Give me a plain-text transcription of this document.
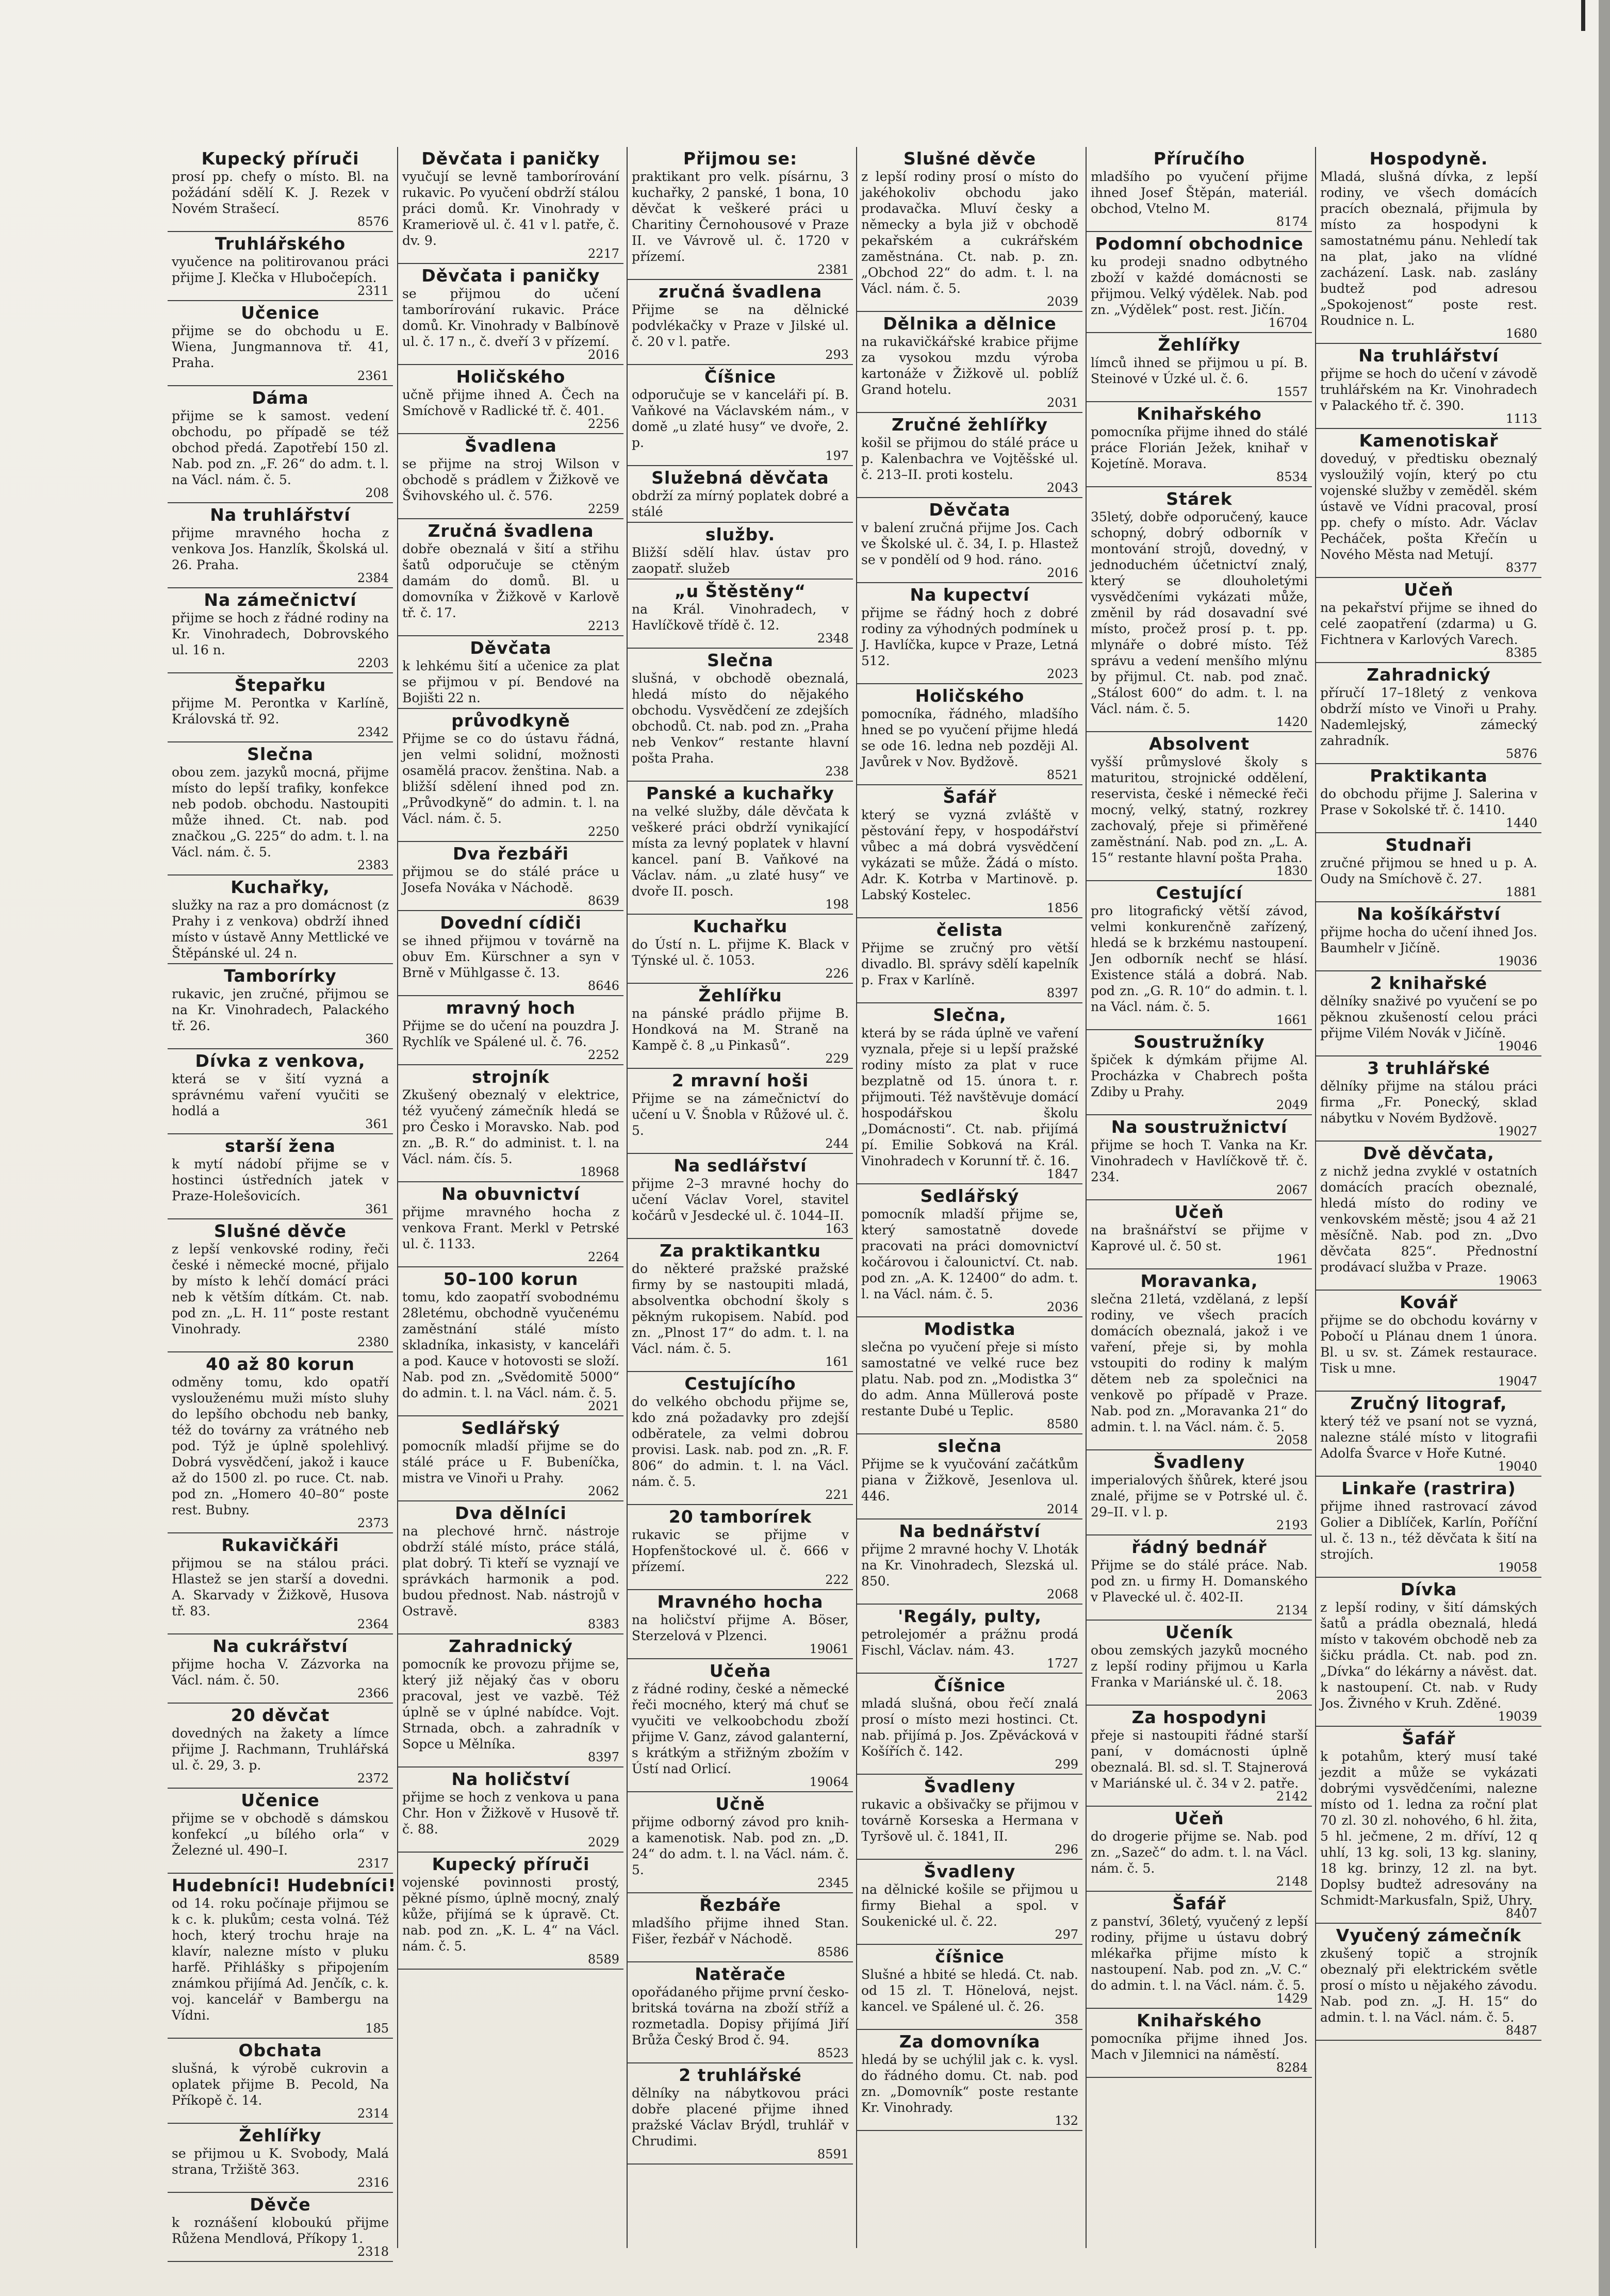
Kupecký příruči
prosí pp. chefy o místo. Bl. na požádání sdělí K. J. Rezek v Novém Strašecí.
8576
Truhlářského
vyučence na politirovanou práci přijme J. Klečka v Hlubočepích.
2311
Učenice
přijme se do obchodu u E. Wiena, Jungmannova tř. 41, Praha.
2361
Dáma
přijme se k samost. vedení obchodu, po případě se též obchod předá. Zapotřebí 150 zl. Nab. pod zn. „F. 26“ do adm. t. l. na Václ. nám. č. 5.
208
Na truhlářství
přijme mravného hocha z venkova Jos. Hanzlík, Školská ul. 26. Praha.
2384
Na zámečnictví
přijme se hoch z řádné rodiny na Kr. Vinohradech, Dobrovského ul. 16 n.
2203
Štepařku
přijme M. Perontka v Karlíně, Královská tř. 92.
2342
Slečna
obou zem. jazyků mocná, přijme místo do lepší trafiky, konfekce neb podob. obchodu. Nastoupiti může ihned. Ct. nab. pod značkou „G. 225“ do adm. t. l. na Václ. nám. č. 5.
2383
Kuchařky,
služky na raz a pro domácnost (z Prahy i z venkova) obdrží ihned místo v ústavě Anny Mettlické ve Štěpánské ul. 24 n.
Tamborírky
rukavic, jen zručné, přijmou se na Kr. Vinohradech, Palackého tř. 26.
360
Dívka z venkova,
která se v šití vyzná a správnému vaření vyučiti se hodlá a
361
starší žena
k mytí nádobí přijme se v hostinci ústředních jatek v Praze-Holešovicích.
361
Slušné děvče
z lepší venkovské rodiny, řeči české i německé mocné, přijalo by místo k lehčí domácí práci neb k větším dítkám. Ct. nab. pod zn. „L. H. 11“ poste restant Vinohrady.
2380
40 až 80 korun
odměny tomu, kdo opatří vyslouženému muži místo sluhy do lepšího obchodu neb banky, též do továrny za vrátného neb pod. Týž je úplně spolehlivý. Dobrá vysvědčení, jakož i kauce až do 1500 zl. po ruce. Ct. nab. pod zn. „Homero 40–80“ poste rest. Bubny.
2373
Rukavičkáři
přijmou se na stálou práci. Hlastež se jen starší a dovedni. A. Skarvady v Žižkově, Husova tř. 83.
2364
Na cukrářství
přijme hocha V. Zázvorka na Václ. nám. č. 50.
2366
20 děvčat
dovedných na žakety a límce přijme J. Rachmann, Truhlářská ul. č. 29, 3. p.
2372
Učenice
přijme se v obchodě s dámskou konfekcí „u bílého orla“ v Železné ul. 490–I.
2317
Hudebníci! Hudebníci!
od 14. roku počínaje přijmou se k c. k. plukům; cesta volná. Též hoch, který trochu hraje na klavír, nalezne místo v pluku harfě. Přihlášky s připojením známkou přijímá Ad. Jenčík, c. k. voj. kancelář v Bambergu na Vídni.
185
Obchata
slušná, k výrobě cukrovin a oplatek přijme B. Pecold, Na Příkopě č. 14.
2314
Žehlířky
se přijmou u K. Svobody, Malá strana, Tržiště 363.
2316
Děvče
k roznášení kloboukú přijme Růžena Mendlová, Příkopy 1.
2318
Děvčata i paničky
vyučují se levně tamborírování rukavic. Po vyučení obdrží stálou práci domů. Kr. Vinohrady v Krameriově ul. č. 41 v l. patře, č. dv. 9.
2217
Děvčata i paničky
se přijmou do učení tamborírování rukavic. Práce domů. Kr. Vinohrady v Balbínově ul. č. 17 n., č. dveří 3 v přízemí.
2016
Holičského
učně přijme ihned A. Čech na Smíchově v Radlické tř. č. 401.
2256
Švadlena
se přijme na stroj Wilson v obchodě s prádlem v Žižkově ve Švihovského ul. č. 576.
2259
Zručná švadlena
dobře obeznalá v šití a střihu šatů odporučuje se ctěným damám do domů. Bl. u domovníka v Žižkově v Karlově tř. č. 17.
2213
Děvčata
k lehkému šití a učenice za plat se přijmou v pí. Bendové na Bojišti 22 n.
průvodkyně
Přijme se co do ústavu řádná, jen velmi solidní, možnosti osamělá pracov. ženština. Nab. a bližší sdělení ihned pod zn. „Průvodkyně“ do admin. t. l. na Václ. nám. č. 5.
2250
Dva řezbáři
přijmou se do stálé práce u Josefa Nováka v Náchodě.
8639
Dovední cídiči
se ihned přijmou v továrně na obuv Em. Kürschner a syn v Brně v Mühlgasse č. 13.
8646
mravný hoch
Přijme se do učení na pouzdra J. Rychlík ve Spálené ul. č. 76.
2252
strojník
Zkušený obeznalý v elektrice, též vyučený zámečník hledá se pro Česko i Moravsko. Nab. pod zn. „B. R.“ do administ. t. l. na Václ. nám. čís. 5.
18968
Na obuvnictví
přijme mravného hocha z venkova Frant. Merkl v Petrské ul. č. 1133.
2264
50–100 korun
tomu, kdo zaopatří svobodnému 28letému, obchodně vyučenému zaměstnání stálé místo skladníka, inkasisty, v kanceláři a pod. Kauce v hotovosti se složí. Nab. pod zn. „Svědomitě 5000“ do admin. t. l. na Václ. nám. č. 5.
2021
Sedlářský
pomocník mladší přijme se do stálé práce u F. Bubeníčka, mistra ve Vinoři u Prahy.
2062
Dva dělníci
na plechové hrnč. nástroje obdrží stálé místo, práce stálá, plat dobrý. Ti kteří se vyznají ve správkách harmonik a pod. budou přednost. Nab. nástrojů v Ostravě.
8383
Zahradnický
pomocník ke provozu přijme se, který již nějaký čas v oboru pracoval, jest ve vazbě. Též úplně se v úplné nabídce. Vojt. Strnada, obch. a zahradník v Sopce u Mělníka.
8397
Na holičství
přijme se hoch z venkova u pana Chr. Hon v Žižkově v Husově tř. č. 88.
2029
Kupecký příruči
vojenské povinnosti prostý, pěkné písmo, úplně mocný, znalý kůže, přijímá se k úpravě. Ct. nab. pod zn. „K. L. 4“ na Václ. nám. č. 5.
8589
Přijmou se:
praktikant pro velk. písárnu, 3 kuchařky, 2 panské, 1 bona, 10 děvčat k veškeré práci u Charitiny Černohousové v Praze II. ve Vávrově ul. č. 1720 v přízemí.
2381
zručná švadlena
Přijme se na dělnické podvlékačky v Praze v Jilské ul. č. 20 v l. patře.
293
Číšnice
odporučuje se v kanceláři pí. B. Vaňkové na Václavském nám., v domě „u zlaté husy“ ve dvoře, 2. p.
197
Služebná děvčata
obdrží za mírný poplatek dobré a stálé
služby.
Bližší sdělí hlav. ústav pro zaopatř. služeb
„u Štěstěny“
na Král. Vinohradech, v Havlíčkově třídě č. 12.
2348
Slečna
slušná, v obchodě obeznalá, hledá místo do nějakého obchodu. Vysvědčení ze zdejších obchodů. Ct. nab. pod zn. „Praha neb Venkov“ restante hlavní pošta Praha.
238
Panské a kuchařky
na velké služby, dále děvčata k veškeré práci obdrží vynikající místa za levný poplatek v hlavní kancel. paní B. Vaňkové na Václav. nám. „u zlaté husy“ ve dvoře II. posch.
198
Kuchařku
do Ústí n. L. přijme K. Black v Týnské ul. č. 1053.
226
Žehlířku
na pánské prádlo přijme B. Hondková na M. Straně na Kampě č. 8 „u Pinkasů“.
229
2 mravní hoši
Přijme se na zámečnictví do učení u V. Šnobla v Růžové ul. č. 5.
244
Na sedlářství
přijme 2–3 mravné hochy do učení Václav Vorel, stavitel kočárů v Jesdecké ul. č. 1044–II.
163
Za praktikantku
do některé pražské pražské firmy by se nastoupiti mladá, absolventka obchodní školy s pěkným rukopisem. Nabíd. pod zn. „Plnost 17“ do adm. t. l. na Václ. nám. č. 5.
161
Cestujícího
do velkého obchodu přijme se, kdo zná požadavky pro zdejší odběratele, za velmi dobrou provisi. Lask. nab. pod zn. „R. F. 806“ do admin. t. l. na Václ. nám. č. 5.
221
20 tamborírek
rukavic se přijme v Hopfenštockové ul. č. 666 v přízemí.
222
Mravného hocha
na holičství přijme A. Böser, Sterzelová v Plzenci.
19061
Učeňa
z řádné rodiny, české a německé řeči mocného, který má chuť se vyučiti ve velkoobchodu zboží přijme V. Ganz, závod galanterní, s krátkým a střižným zbožím v Ústí nad Orlicí.
19064
Učně
přijme odborný závod pro knih- a kamenotisk. Nab. pod zn. „D. 24“ do adm. t. l. na Václ. nám. č. 5.
2345
Řezbáře
mladšího přijme ihned Stan. Fišer, řezbář v Náchodě.
8586
Natěrače
opořádaného přijme první česko-britská továrna na zboží stříž a rozmetadla. Dopisy přijímá Jiří Brůža Český Brod č. 94.
8523
2 truhlářské
dělníky na nábytkovou práci dobře placené přijme ihned pražské Václav Brýdl, truhlář v Chrudimi.
8591
Slušné děvče
z lepší rodiny prosí o místo do jakéhokoliv obchodu jako prodavačka. Mluví česky a německy a byla již v obchodě pekařském a cukrářském zaměstnána. Ct. nab. p. zn. „Obchod 22“ do adm. t. l. na Václ. nám. č. 5.
2039
Dělnika a dělnice
na rukavičkářské krabice přijme za vysokou mzdu výroba kartonáže v Žižkově ul. poblíž Grand hotelu.
2031
Zručné žehlířky
košil se přijmou do stálé práce u p. Kalenbachra ve Vojtěšské ul. č. 213–II. proti kostelu.
2043
Děvčata
v balení zručná přijme Jos. Cach ve Školské ul. č. 34, I. p. Hlastež se v pondělí od 9 hod. ráno.
2016
Na kupectví
přijme se řádný hoch z dobré rodiny za výhodných podmínek u J. Havlíčka, kupce v Praze, Letná 512.
2023
Holičského
pomocníka, řádného, mladšího hned se po vyučení přijme hledá se ode 16. ledna neb později Al. Javůrek v Nov. Bydžově.
8521
Šafář
který se vyzná zvláště v pěstování řepy, v hospodářství vůbec a má dobrá vysvědčení vykázati se může. Žádá o místo. Adr. K. Kotrba v Martinově. p. Labský Kostelec.
1856
čelista
Přijme se zručný pro větší divadlo. Bl. správy sdělí kapelník p. Frax v Karlíně.
8397
Slečna,
která by se ráda úplně ve vaření vyznala, přeje si u lepší pražské rodiny místo za plat v ruce bezplatně od 15. února t. r. přijmouti. Též navštěvuje domácí hospodářskou školu „Domácnosti“. Ct. nab. přijímá pí. Emilie Sobková na Král. Vinohradech v Korunní tř. č. 16.
1847
Sedlářský
pomocník mladší přijme se, který samostatně dovede pracovati na práci domovnictví kočárovou i čalounictví. Ct. nab. pod zn. „A. K. 12400“ do adm. t. l. na Václ. nám. č. 5.
2036
Modistka
slečna po vyučení přeje si místo samostatné ve velké ruce bez platu. Nab. pod zn. „Modistka 3“ do adm. Anna Müllerová poste restante Dubé u Teplic.
8580
slečna
Přijme se k vyučování začátkům piana v Žižkově, Jesenlova ul. 446.
2014
Na bednářství
přijme 2 mravné hochy V. Lhoták na Kr. Vinohradech, Slezská ul. 850.
2068
'Regály, pulty,
petrolejomér a prážnu prodá Fischl, Václav. nám. 43.
1727
Číšnice
mladá slušná, obou řečí znalá prosí o místo mezi hostinci. Ct. nab. přijímá p. Jos. Zpěvácková v Košířích č. 142.
299
Švadleny
rukavic a obšivačky se přijmou v továrně Korseska a Hermana v Tyršově ul. č. 1841, II.
296
Švadleny
na dělnické košile se přijmou u firmy Biehal a spol. v Soukenické ul. č. 22.
297
číšnice
Slušné a hbité se hledá. Ct. nab. od 15 zl. T. Hönelová, nejst. kancel. ve Spálené ul. č. 26.
358
Za domovníka
hledá by se uchýlil jak c. k. vysl. do řádného domu. Ct. nab. pod zn. „Domovník“ poste restante Kr. Vinohrady.
132
Příručího
mladšího po vyučení přijme ihned Josef Štěpán, materiál. obchod, Vtelno M.
8174
Podomní obchodnice
ku prodeji snadno odbytného zboží v každé domácnosti se přijmou. Velký výdělek. Nab. pod zn. „Výdělek“ post. rest. Jičín.
16704
Žehlířky
límců ihned se přijmou u pí. B. Steinové v Úzké ul. č. 6.
1557
Knihařského
pomocníka přijme ihned do stálé práce Florián Ježek, knihař v Kojetíně. Morava.
8534
Stárek
35letý, dobře odporučený, kauce schopný, dobrý odborník v montování strojů, dovedný, v jednoduchém účetnictví znalý, který se dlouholetými vysvědčeními vykázati může, změnil by rád dosavadní své místo, pročež prosí p. t. pp. mlynáře o dobré místo. Též správu a vedení menšího mlýnu by přijmul. Ct. nab. pod znač. „Stálost 600“ do adm. t. l. na Václ. nám. č. 5.
1420
Absolvent
vyšší průmyslové školy s maturitou, strojnické oddělení, reservista, české i německé řeči mocný, velký, statný, rozkrey zachovalý, přeje si přiměřené zaměstnání. Nab. pod zn. „L. A. 15“ restante hlavní pošta Praha.
1830
Cestující
pro litografický větší závod, velmi konkurenčně zařízený, hledá se k brzkému nastoupení. Jen odborník nechť se hlásí. Existence stálá a dobrá. Nab. pod zn. „G. R. 10“ do admin. t. l. na Václ. nám. č. 5.
1661
Soustružníky
špiček k dýmkám přijme Al. Procházka v Chabrech pošta Zdiby u Prahy.
2049
Na soustružnictví
přijme se hoch T. Vanka na Kr. Vinohradech v Havlíčkově tř. č. 234.
2067
Učeň
na brašnářství se přijme v Kaprové ul. č. 50 st.
1961
Moravanka,
slečna 21letá, vzdělaná, z lepší rodiny, ve všech pracích domácích obeznalá, jakož i ve vaření, přeje si, by mohla vstoupiti do rodiny k malým dětem neb za společnici na venkově po případě v Praze. Nab. pod zn. „Moravanka 21“ do admin. t. l. na Václ. nám. č. 5.
2058
Švadleny
imperialových šňůrek, které jsou znalé, přijme se v Potrské ul. č. 29–II. v l. p.
2193
řádný bednář
Přijme se do stálé práce. Nab. pod zn. u firmy H. Domanského v Plavecké ul. č. 402-II.
2134
Učeník
obou zemských jazyků mocného z lepší rodiny přijmou u Karla Franka v Mariánské ul. č. 18.
2063
Za hospodyni
přeje si nastoupiti řádné starší paní, v domácnosti úplně obeznalá. Bl. sd. sl. T. Stajnerová v Mariánské ul. č. 34 v 2. patře.
2142
Učeň
do drogerie přijme se. Nab. pod zn. „Sazeč“ do adm. t. l. na Václ. nám. č. 5.
2148
Šafář
z panství, 36letý, vyučený z lepší rodiny, přijme u ústavu dobrý mlékařka přijme místo k nastoupení. Nab. pod zn. „V. C.“ do admin. t. l. na Václ. nám. č. 5.
1429
Knihařského
pomocníka přijme ihned Jos. Mach v Jilemnici na náměstí.
8284
Hospodyně.
Mladá, slušná dívka, z lepší rodiny, ve všech domácích pracích obeznalá, přijmula by místo za hospodyni k samostatnému pánu. Nehledí tak na plat, jako na vlídné zacházení. Lask. nab. zaslány budtež pod adresou „Spokojenost“ poste rest. Roudnice n. L.
1680
Na truhlářství
přijme se hoch do učení v závodě truhlářském na Kr. Vinohradech v Palackého tř. č. 390.
1113
Kamenotiskař
doveduý, v předtisku obeznalý vysloužilý vojín, který po ctu vojenské služby v zeměděl. ském ústavě ve Vídni pracoval, prosí pp. chefy o místo. Adr. Václav Pecháček, pošta Křečín u Nového Města nad Metují.
8377
Učeň
na pekařství přijme se ihned do celé zaopatření (zdarma) u G. Fichtnera v Karlových Varech.
8385
Zahradnický
příručí 17–18letý z venkova obdrží místo ve Vinoři u Prahy. Nademlejský, zámecký zahradník.
5876
Praktikanta
do obchodu přijme J. Salerina v Prase v Sokolské tř. č. 1410.
1440
Studnaři
zručné přijmou se hned u p. A. Oudy na Smíchově č. 27.
1881
Na košíkářství
přijme hocha do učení ihned Jos. Baumhelr v Jičíně.
19036
2 knihařské
dělníky snaživé po vyučení se po pěknou zkušeností celou práci přijme Vilém Novák v Jičíně.
19046
3 truhlářské
dělníky přijme na stálou práci firma „Fr. Ponecký, sklad nábytku v Novém Bydžově.
19027
Dvě děvčata,
z nichž jedna zvyklé v ostatních domácích pracích obeznalé, hledá místo do rodiny ve venkovském městě; jsou 4 až 21 měsíčně. Nab. pod zn. „Dvo děvčata 825“. Přednostní prodávací služba v Praze.
19063
Kovář
přijme se do obchodu kovárny v Pobočí u Plánau dnem 1 února. Bl. u sv. st. Zámek restaurace. Tisk u mne.
19047
Zručný litograf,
který též ve psaní not se vyzná, nalezne stálé místo v litografii Adolfa Švarce v Hoře Kutné.
19040
Linkaře (rastrira)
přijme ihned rastrovací závod Golier a Diblíček, Karlín, Poříční ul. č. 13 n., též děvčata k šití na strojích.
19058
Dívka
z lepší rodiny, v šití dámských šatů a prádla obeznalá, hledá místo v takovém obchodě neb za šičku prádla. Ct. nab. pod zn. „Dívka“ do lékárny a návěst. dat. k nastoupení. Ct. nab. v Rudy Jos. Živného v Kruh. Zděné.
19039
Šafář
k potahům, který musí také jezdit a může se vykázati dobrými vysvědčeními, nalezne místo od 1. ledna za roční plat 70 zl. 30 zl. nohového, 6 hl. žita, 5 hl. ječmene, 2 m. dříví, 12 q uhlí, 13 kg. soli, 13 kg. slaniny, 18 kg. brinzy, 12 zl. na byt. Doplsy budtež adresovány na Schmidt-Markusfaln, Spiž, Uhry.
8407
Vyučený zámečník
zkušený topič a strojník obeznalý při elektrickém světle prosí o místo u nějakého závodu. Nab. pod zn. „J. H. 15“ do admin. t. l. na Václ. nám. č. 5.
8487
